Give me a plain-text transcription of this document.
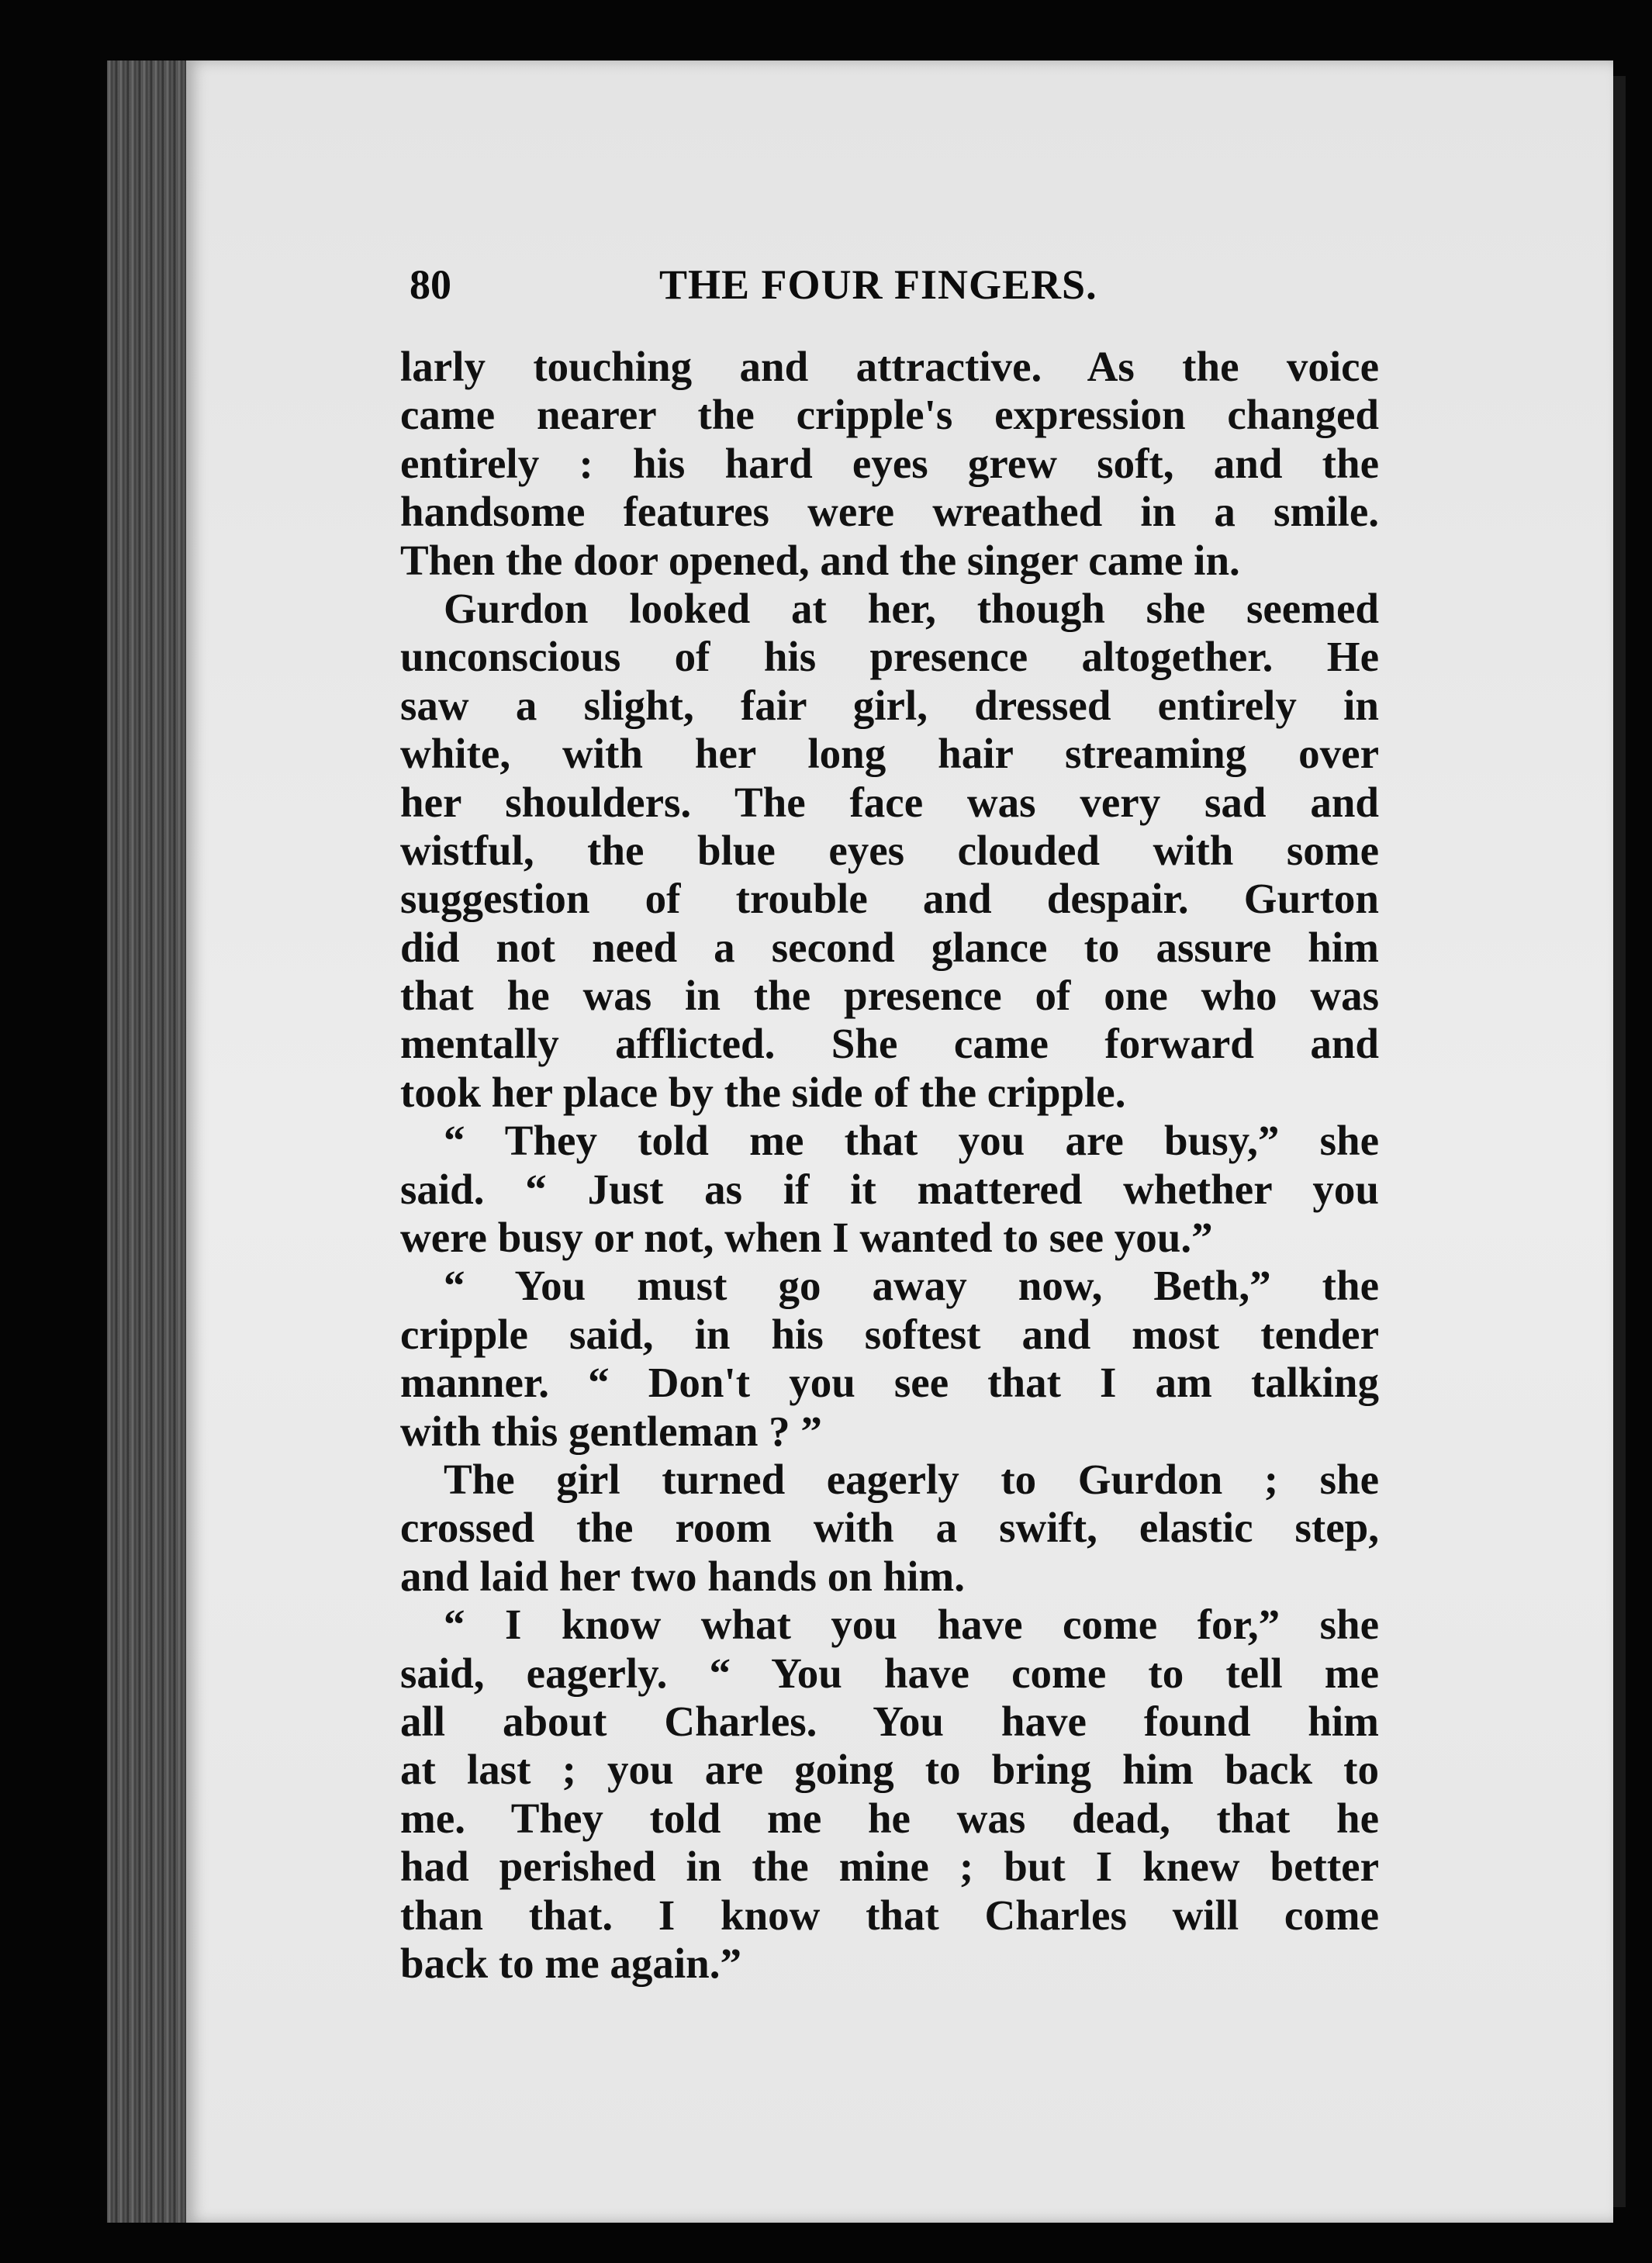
80	THE FOUR FINGERS.
larly touching and attractive. As the voice
came nearer the cripple's expression changed
entirely : his hard eyes grew soft, and the
handsome features were wreathed in a smile.
Then the door opened, and the singer came in.
Gurdon looked at her, though she seemed
unconscious of his presence altogether. He
saw a slight, fair girl, dressed entirely in
white, with her long hair streaming over
her shoulders. The face was very sad and
wistful, the blue eyes clouded with some
suggestion of trouble and despair. Gurton
did not need a second glance to assure him
that he was in the presence of one who was
mentally afflicted. She came forward and
took her place by the side of the cripple.
“ They told me that you are busy,” she
said. “ Just as if it mattered whether you
were busy or not, when I wanted to see you.”
“ You must go away now, Beth,” the
cripple said, in his softest and most tender
manner. “ Don't you see that I am talking
with this gentleman ? ”
The girl turned eagerly to Gurdon ; she
crossed the room with a swift, elastic step,
and laid her two hands on him.
“ I know what you have come for,” she
said, eagerly. “ You have come to tell me
all about Charles. You have found him
at last ; you are going to bring him back to
me. They told me he was dead, that he
had perished in the mine ; but I knew better
than that. I know that Charles will come
back to me again.”
